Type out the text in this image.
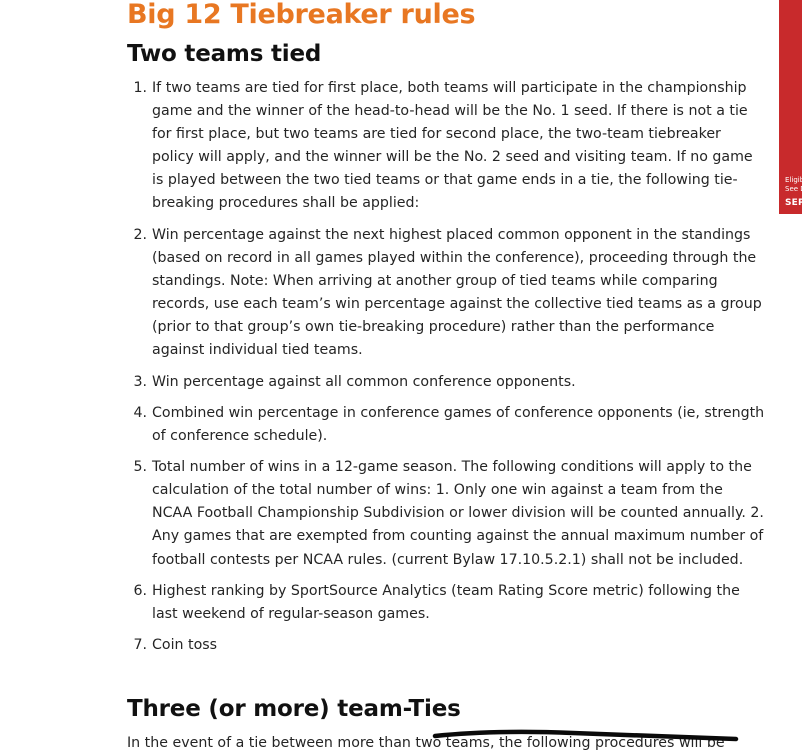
Big 12 Tiebreaker rules
Two teams tied
1. If two teams are tied for first place, both teams will participate in the championship game and the winner of the head-to-head will be the No. 1 seed. If there is not a tie for first place, but two teams are tied for second place, the two-team tiebreaker policy will apply, and the winner will be the No. 2 seed and visiting team. If no game is played between the two tied teams or that game ends in a tie, the following tie-breaking procedures shall be applied:
2. Win percentage against the next highest placed common opponent in the standings (based on record in all games played within the conference), proceeding through the standings. Note: When arriving at another group of tied teams while comparing records, use each team’s win percentage against the collective tied teams as a group (prior to that group’s own tie-breaking procedure) rather than the performance against individual tied teams.
3. Win percentage against all common conference opponents.
4. Combined win percentage in conference games of conference opponents (ie, strength of conference schedule).
5. Total number of wins in a 12-game season. The following conditions will apply to the calculation of the total number of wins: 1. Only one win against a team from the NCAA Football Championship Subdivision or lower division will be counted annually. 2. Any games that are exempted from counting against the annual maximum number of football contests per NCAA rules. (current Bylaw 17.10.5.2.1) shall not be included.
6. Highest ranking by SportSource Analytics (team Rating Score metric) following the last weekend of regular-season games.
7. Coin toss
Three (or more) team-Ties

In the event of a tie between more than two teams, the following procedures will be

Eligib
See D
SEPT
